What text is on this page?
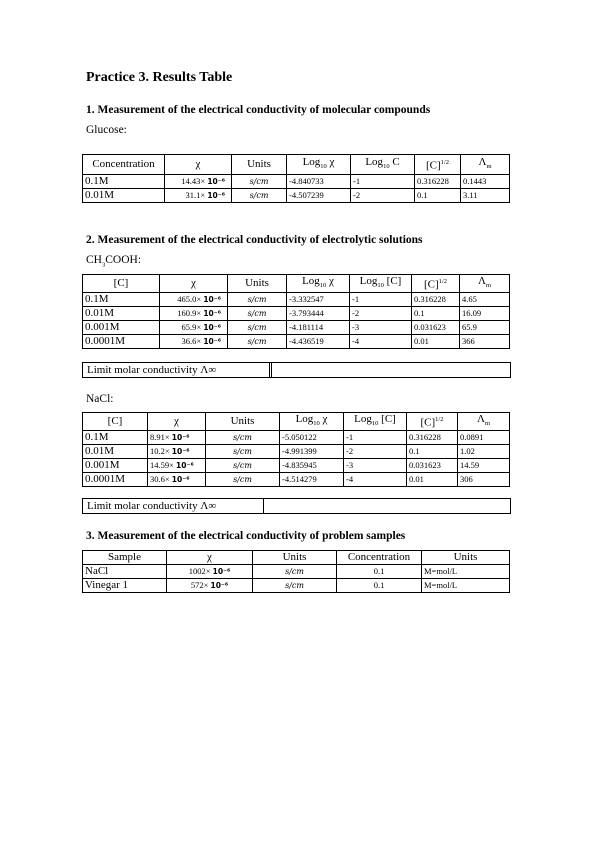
Practice 3. Results Table
1. Measurement of the electrical conductivity of molecular compounds
Glucose:
Concentration	χ	Units	Log$_{10}$ χ	Log$_{10}$ C	$[C]^{1/2}$	$\Lambda_m$
0.1M	14.43× 10⁻⁶	s/cm	-4.840733	-1	0.316228	0.1443
0.01M	31.1× 10⁻⁶	s/cm	-4.507239	-2	0.1	3.11
2. Measurement of the electrical conductivity of electrolytic solutions
$CH_3COOH$:
[C]	χ	Units	Log$_{10}$ χ	Log$_{10}$ [C]	$[C]^{1/2}$	$\Lambda_m$
0.1M	465.0× 10⁻⁶	s/cm	-3.332547	-1	0.316228	4.65
0.01M	160.9× 10⁻⁶	s/cm	-3.793444	-2	0.1	16.09
0.001M	65.9× 10⁻⁶	s/cm	-4.181114	-3	0.031623	65.9
0.0001M	36.6× 10⁻⁶	s/cm	-4.436519	-4	0.01	366
Limit molar conductivity Λ∞
NaCl:
[C]	χ	Units	Log$_{10}$ χ	Log$_{10}$ [C]	$[C]^{1/2}$	$\Lambda_m$
0.1M	8.91× 10⁻⁶	s/cm	-5.050122	-1	0.316228	0.0891
0.01M	10.2× 10⁻⁶	s/cm	-4.991399	-2	0.1	1.02
0.001M	14.59× 10⁻⁶	s/cm	-4.835945	-3	0.031623	14.59
0.0001M	30.6× 10⁻⁶	s/cm	-4.514279	-4	0.01	306
Limit molar conductivity Λ∞
3. Measurement of the electrical conductivity of problem samples
Sample	χ	Units	Concentration	Units
NaCl	1002× 10⁻⁶	s/cm	0.1	M=mol/L
Vinegar 1	572× 10⁻⁶	s/cm	0.1	M=mol/L
